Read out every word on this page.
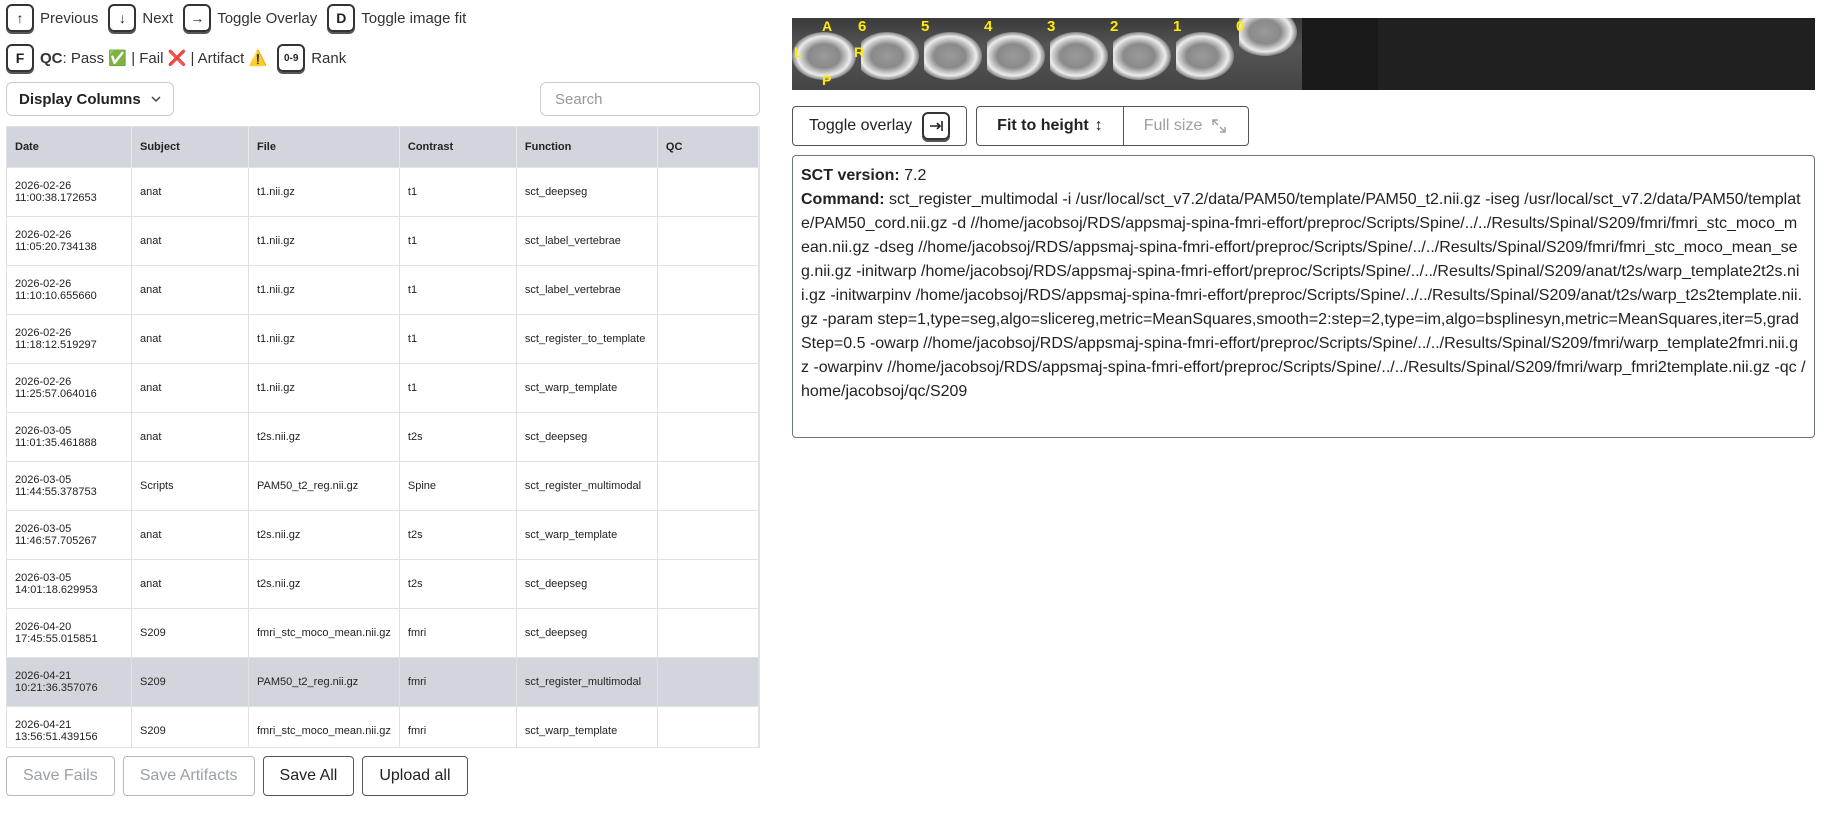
↑	Previous	↓	Next	→ Toggle Overlay	D Toggle image fit
F	QC : Pass ✅ | Fail ❌ | Artifact ⚠️	0-9 Rank
Display Columns
Search
Date	Subject	File	Contrast	Function	QC

2026-02-26
11:00:38.172653	anat	t1.nii.gz	t1	sct_deepseg	

2026-02-26
11:05:20.734138	anat	t1.nii.gz	t1	sct_label_vertebrae	

2026-02-26
11:10:10.655660	anat	t1.nii.gz	t1	sct_label_vertebrae	

2026-02-26
11:18:12.519297	anat	t1.nii.gz	t1	sct_register_to_template	

2026-02-26
11:25:57.064016	anat	t1.nii.gz	t1	sct_warp_template	

2026-03-05
11:01:35.461888	anat	t2s.nii.gz	t2s	sct_deepseg	

2026-03-05
11:44:55.378753	Scripts	PAM50_t2_reg.nii.gz	Spine	sct_register_multimodal	

2026-03-05
11:46:57.705267	anat	t2s.nii.gz	t2s	sct_warp_template	

2026-03-05
14:01:18.629953	anat	t2s.nii.gz	t2s	sct_deepseg	

2026-04-20
17:45:55.015851	S209	fmri_stc_moco_mean.nii.gz	fmri	sct_deepseg	

2026-04-21
10:21:36.357076	S209	PAM50_t2_reg.nii.gz	fmri	sct_register_multimodal	

2026-04-21
13:56:51.439156	S209	fmri_stc_moco_mean.nii.gz	fmri	sct_warp_template	
Save Fails	Save Artifacts	Save All	Upload all
A
P
L	R
6	5	4	3	2	1	0
Toggle overlay	Fit to height ↕	Full size
SCT version: 7.2
Command: sct_register_multimodal -i /usr/local/sct_v7.2/data/PAM50/template/PAM50_t2.nii.gz -iseg /usr/local/sct_v7.2/data/PAM50/template/PAM50_cord.nii.gz -d //home/jacobsoj/RDS/appsmaj-spina-fmri-effort/preproc/Scripts/Spine/../../Results/Spinal/S209/fmri/fmri_stc_moco_mean.nii.gz -dseg //home/jacobsoj/RDS/appsmaj-spina-fmri-effort/preproc/Scripts/Spine/../../Results/Spinal/S209/fmri/fmri_stc_moco_mean_seg.nii.gz -initwarp /home/jacobsoj/RDS/appsmaj-spina-fmri-effort/preproc/Scripts/Spine/../../Results/Spinal/S209/anat/t2s/warp_template2t2s.nii.gz -initwarpinv /home/jacobsoj/RDS/appsmaj-spina-fmri-effort/preproc/Scripts/Spine/../../Results/Spinal/S209/anat/t2s/warp_t2s2template.nii.gz -param step=1,type=seg,algo=slicereg,metric=MeanSquares,smooth=2:step=2,type=im,algo=bsplinesyn,metric=MeanSquares,iter=5,gradStep=0.5 -owarp //home/jacobsoj/RDS/appsmaj-spina-fmri-effort/preproc/Scripts/Spine/../../Results/Spinal/S209/fmri/warp_template2fmri.nii.gz -owarpinv //home/jacobsoj/RDS/appsmaj-spina-fmri-effort/preproc/Scripts/Spine/../../Results/Spinal/S209/fmri/warp_fmri2template.nii.gz -qc /home/jacobsoj/qc/S209
